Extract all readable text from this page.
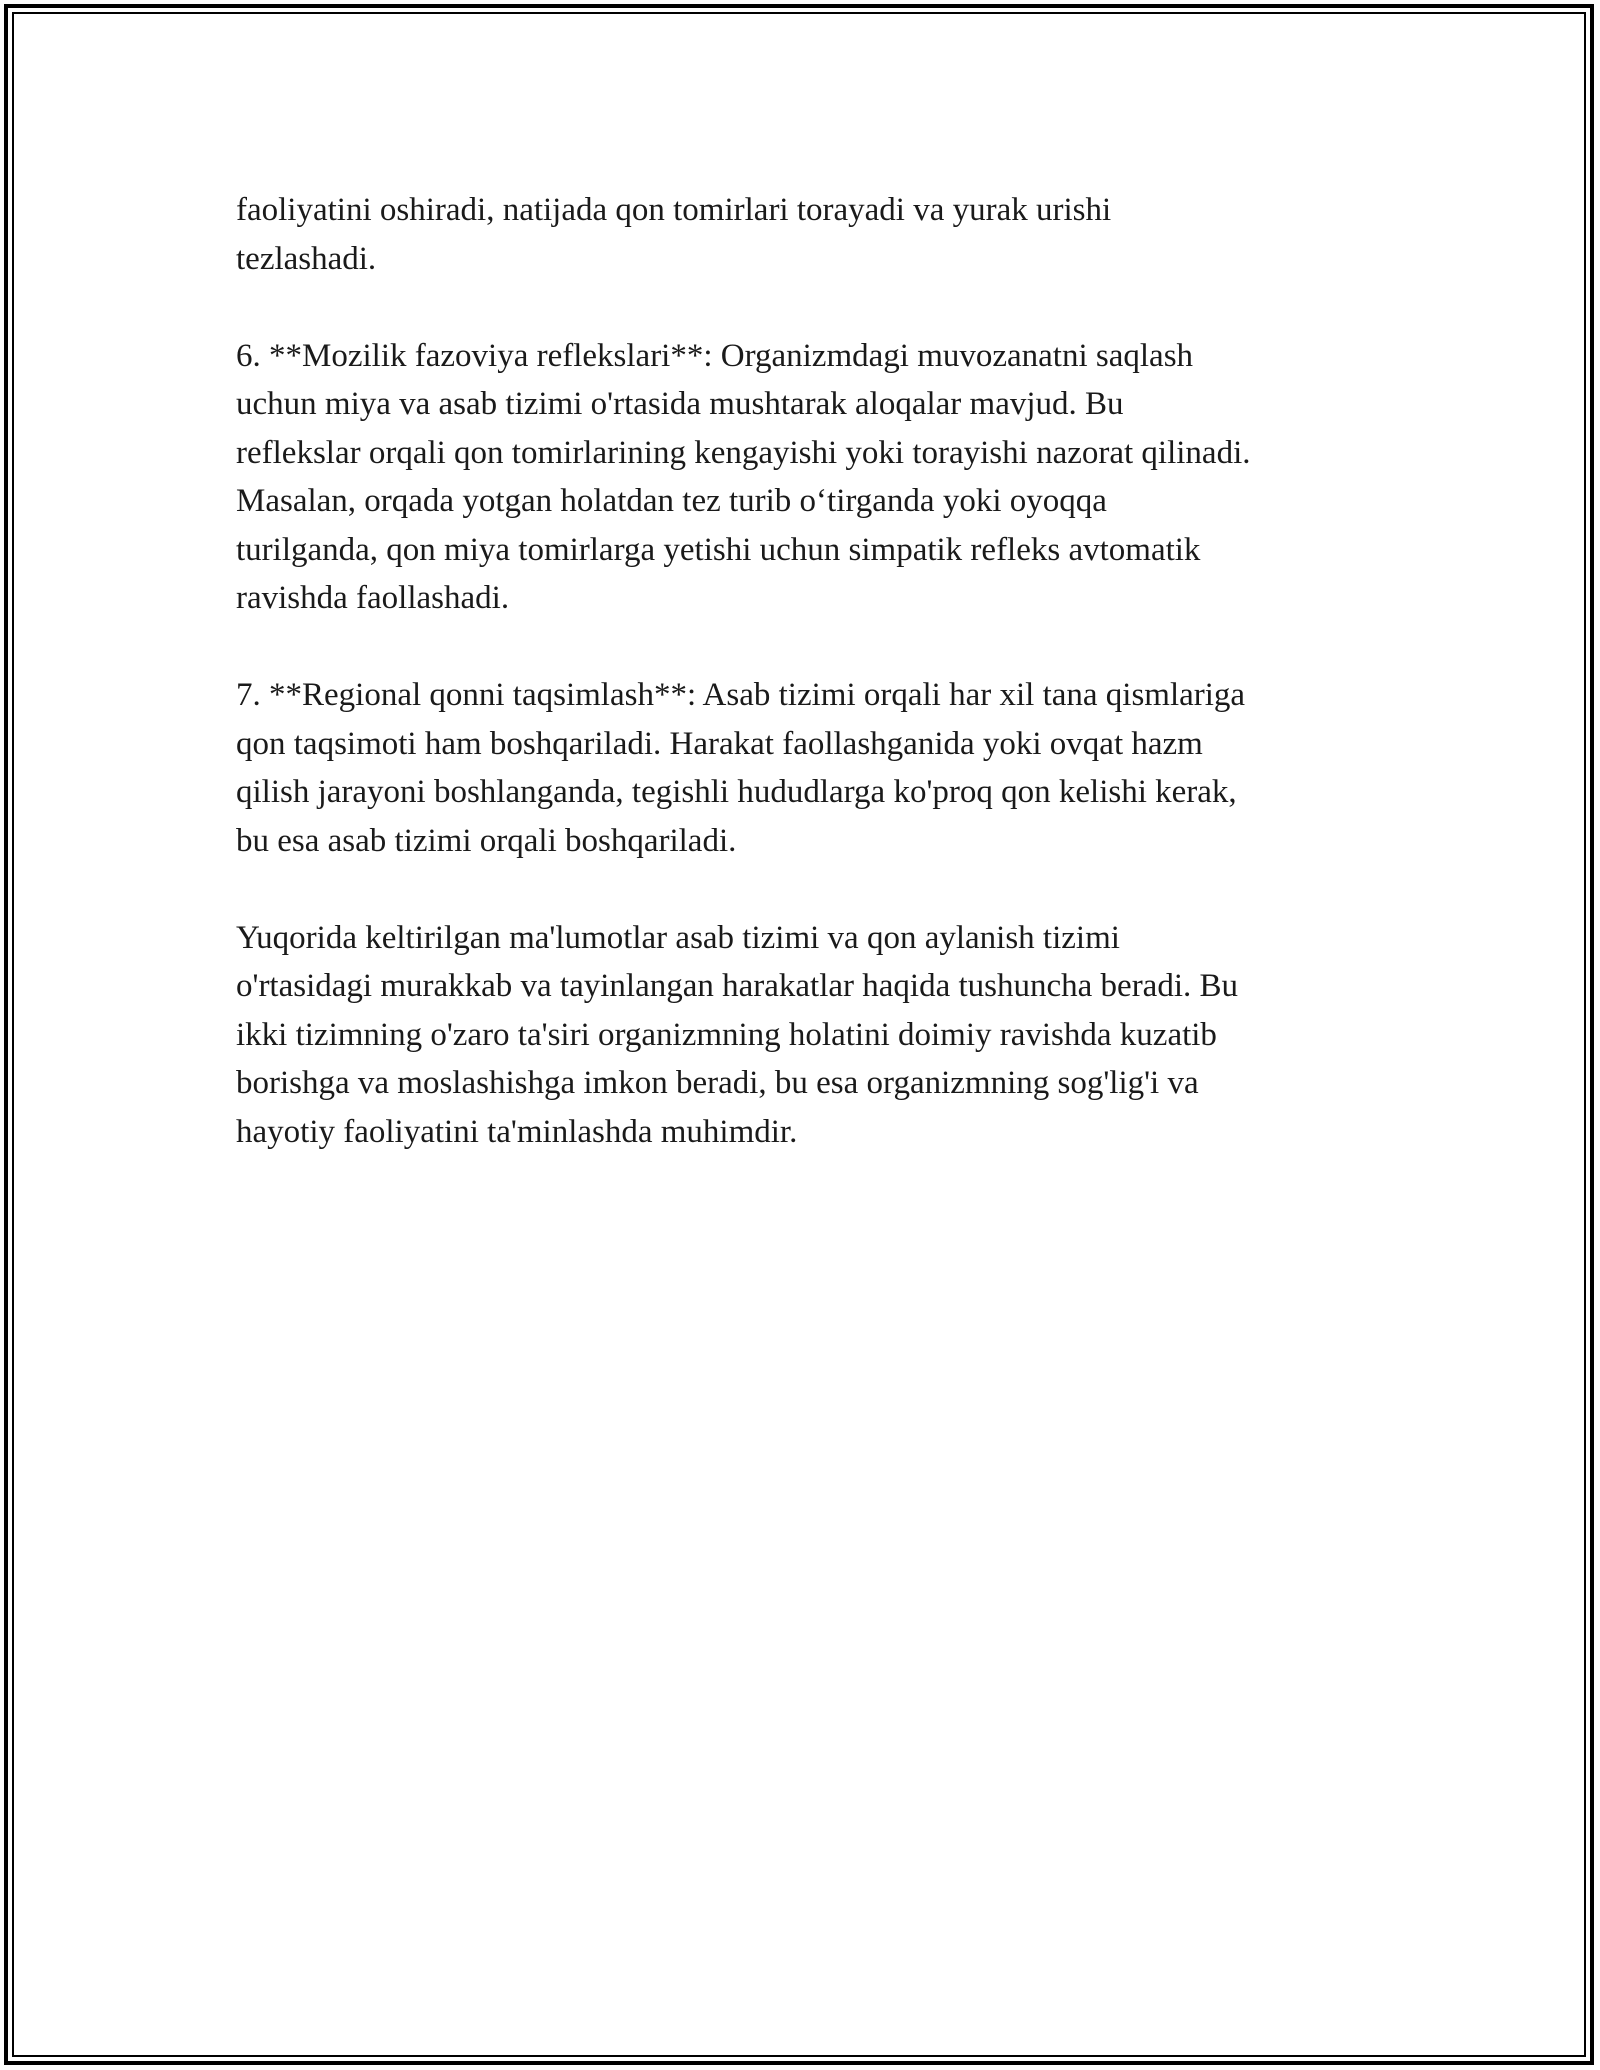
faoliyatini oshiradi, natijada qon tomirlari torayadi va yurak urishi
tezlashadi.

6. **Mozilik fazoviya reflekslari**: Organizmdagi muvozanatni saqlash
uchun miya va asab tizimi o'rtasida mushtarak aloqalar mavjud. Bu
reflekslar orqali qon tomirlarining kengayishi yoki torayishi nazorat qilinadi.
Masalan, orqada yotgan holatdan tez turib o‘tirganda yoki oyoqqa
turilganda, qon miya tomirlarga yetishi uchun simpatik refleks avtomatik
ravishda faollashadi.

7. **Regional qonni taqsimlash**: Asab tizimi orqali har xil tana qismlariga
qon taqsimoti ham boshqariladi. Harakat faollashganida yoki ovqat hazm
qilish jarayoni boshlanganda, tegishli hududlarga ko'proq qon kelishi kerak,
bu esa asab tizimi orqali boshqariladi.

Yuqorida keltirilgan ma'lumotlar asab tizimi va qon aylanish tizimi
o'rtasidagi murakkab va tayinlangan harakatlar haqida tushuncha beradi. Bu
ikki tizimning o'zaro ta'siri organizmning holatini doimiy ravishda kuzatib
borishga va moslashishga imkon beradi, bu esa organizmning sog'lig'i va
hayotiy faoliyatini ta'minlashda muhimdir.
